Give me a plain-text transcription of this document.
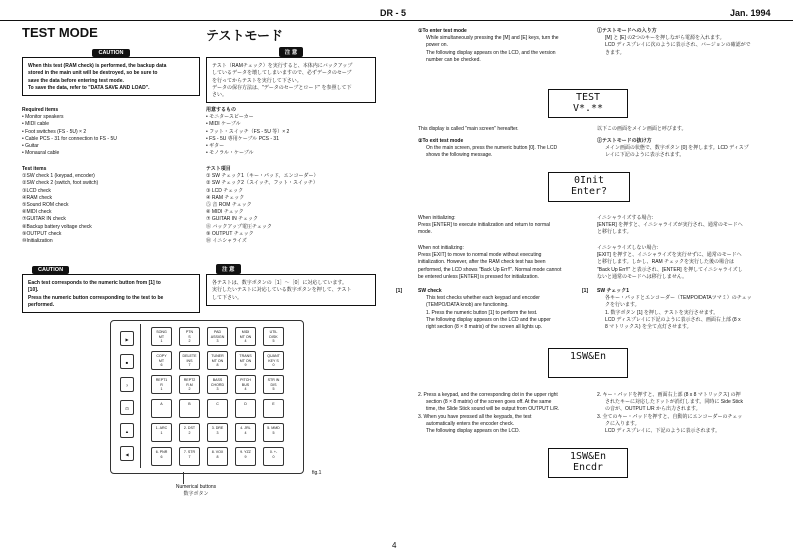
DR - 5	Jan. 1994
4
TEST MODE	テストモード
CAUTION
When this test (RAM check) is performed, the backup data
stored in the main unit will be destroyed, so be sure to
save the data before entering test mode.
To save the data, refer to "DATA SAVE AND LOAD".
注 意
テスト（RAMチェック）を実行すると、本体内にバックアップ
しているデータを壊してしまいますので、必ずデータのセーブ
を行ってからテストを実行して下さい。
データの保存方法は、"データのセーブとロード" を参照して下
さい。
Required items
• Monitor speakers
• MIDI cable
• Foot switches (FS - 5U) × 2
• Cable PCS - 31 for connection to FS - 5U
• Guitar
• Monaural cable
用意するもの
• モニタースピーカー
• MIDI ケーブル
• フット・スイッチ（FS - 5U 等）× 2
• FS - 5U 専用ケーブル PCS - 31
• ギター
• モノラル・ケーブル
Test items
①SW check 1 (keypad, encoder)
②SW check 2 (switch, foot switch)
③LCD check
④RAM check
⑤Sound ROM check
⑥MIDI check
⑦GUITAR IN check
⑧Backup battery voltage check
⑨OUTPUT check
⑩Initialization
テスト項目
① SW チェック1（キー・パッド、エンコーダー）
② SW チェック2（スイッチ、フット・スイッチ）
③ LCD チェック
④ RAM チェック
⑤ 音 ROM チェック
⑥ MIDI チェック
⑦ GUITAR IN チェック
⑧ バックアップ電圧チェック
⑨ OUTPUT チェック
⑩ イニシャライズ
CAUTION
Each test corresponds to the numeric button from [1] to
[10].
Press the numeric button corresponding to the test to be
performed.
注 意
各テストは、数字ボタンの［1］～［0］に対応しています。
実行したいテストに対応している数字ボタンを押して、テスト
して下さい。
▶
■
?
⊡
▲
◀
SONG
MT
1
PTN
S
2
PAD
ASSIGN
3
MIDI
MT ON
4
UTIL
DISK
5
COPY
MT
6
DELETE
INS
7
TUNER
MT ON
8
TRANS
MT ON
9
QUANT
KEY S
0
REPT1
R
1
REPT2
R.M
2
BASS
CHORD
3
PITCH
BUS
4
STR IN
DIS
5
A	B	C	D	E
1. ARC
1
2. DST
2
3. DRE
3
4. JRL
4
5. MMD
5
6. PNR
6
7. STR
7
8. VOX
8
9. YZZ
9
0. +-
0
fig.1
Numerical buttons
数字ボタン
①To enter test mode
While simultaneously pressing the [M] and [E] keys, turn the
power on.
The following display appears on the LCD, and the version
number can be checked.
①テストモードへの入り方
[M] と [E] の2つのキーを押しながら電源を入れます。
LCD ディスプレイに次のように表示され、バージョンの確認がで
きます。
TEST
V*.**
This display is called "main screen" hereafter.	以下この画面をメイン画面と呼びます。
②To exit test mode
On the main screen, press the numeric button [0]. The LCD
shows the following message.
②テストモードの抜け方
メイン画面の状態で、数字ボタン [0] を押します。LCD ディスプ
レイに下記のように表示されます。
0Init
Enter?
When initializing:
Press [ENTER] to execute initialization and return to normal
mode.
イニシャライズする場合：
[ENTER] を押すと、イニシャライズが実行され、通常のモードへ
と移行します。
When not initializing:
Press [EXIT] to move to normal mode without executing
initialization. However, after the RAM check test has been
performed, the LCD shows "Back Up Err!!". Normal mode cannot
be entered unless [ENTER] is pressed for initialization.
イニシャライズしない場合：
[EXIT] を押すと、イニシャライズを実行せずに、通常のモードへ
と移行します。しかし、RAM チェックを実行した後の場合は
"Back Up Err!!" と表示され、[ENTER] を押してイニシャライズし
ないと通常のモードへは移行しません。
[1]	SW check
This test checks whether each keypad and encoder
(TEMPO/DATA knob) are functioning.
1. Press the numeric button [1] to perform the test.
The following display appears on the LCD and the upper
right section (8 × 8 matrix) of the screen all lights up.
[1] SW チェック1
各キー・パッドとエンコーダー（TEMPO/DATAツマミ）のチェッ
クを行います。
1. 数字ボタン [1] を押し、テストを実行させます。
LCD ディスプレイに下記のように表示され、画面右上部 (8 x
8 マトリックス) を全て点灯させます。
1SW&En
2. Press a keypad, and the corresponding dot in the upper right
section (8 × 8 matrix) of the screen goes off. At the same
time, the Slide Stick sound will be output from OUTPUT L/R.
3. When you have pressed all the keypads, the test
automatically enters the encoder check.
The following display appears on the LCD.
2. キー・パッドを押すと、画面右上部 (8 x 8 マトリックス) の押
されたキーに対応したドットが消灯します。同時に Side Stick
の音が、OUTPUT L/R から出力されます。
3. 全てのキー・パッドを押すと、自動的にエンコーダーのチェッ
クに入ります。
LCD ディスプレイに、下記のように表示されます。
1SW&En
Encdr
